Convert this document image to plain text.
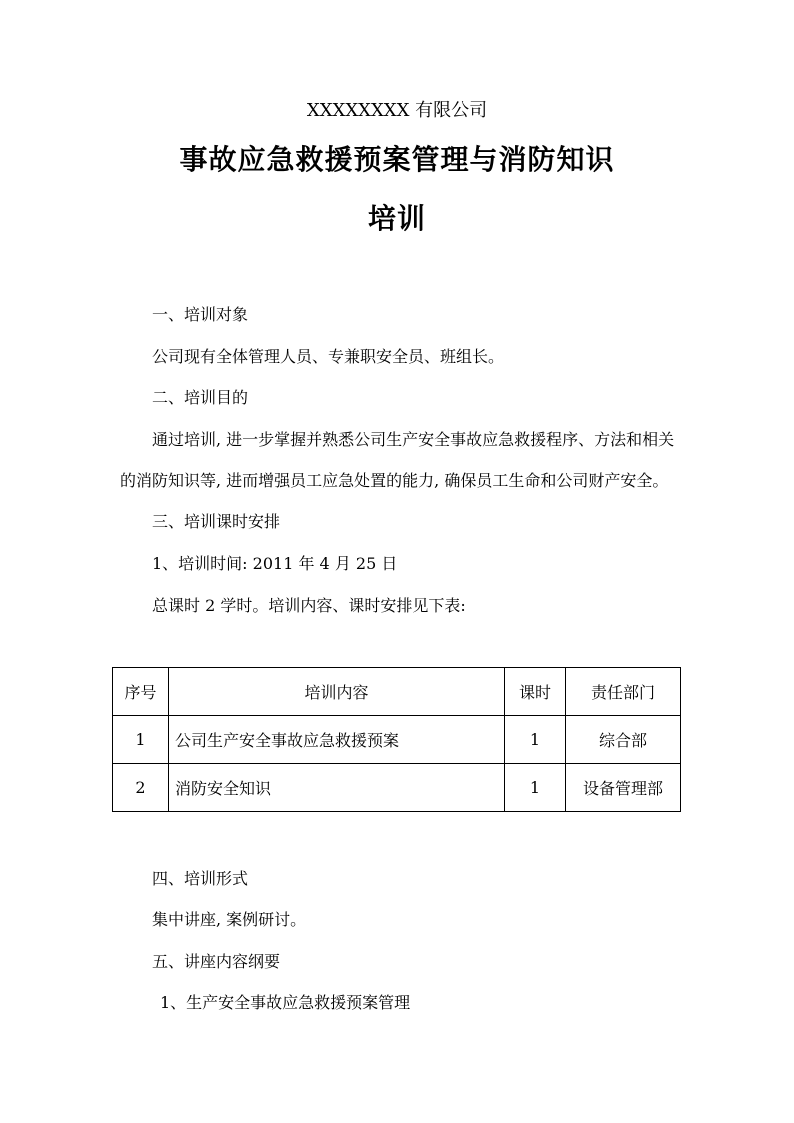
XXXXXXXX 有限公司
事故应急救援预案管理与消防知识
培训
一、培训对象
公司现有全体管理人员、专兼职安全员、班组长。
二、培训目的
通过培训, 进一步掌握并熟悉公司生产安全事故应急救援程序、方法和相关
的消防知识等, 进而增强员工应急处置的能力, 确保员工生命和公司财产安全。
三、培训课时安排
1、培训时间: 2011 年 4 月 25 日
总课时 2 学时。培训内容、课时安排见下表:
序号	培训内容	课时	责任部门
1	公司生产安全事故应急救援预案	1	综合部
2	消防安全知识	1	设备管理部
四、培训形式
集中讲座, 案例研讨。
五、讲座内容纲要
1、生产安全事故应急救援预案管理
